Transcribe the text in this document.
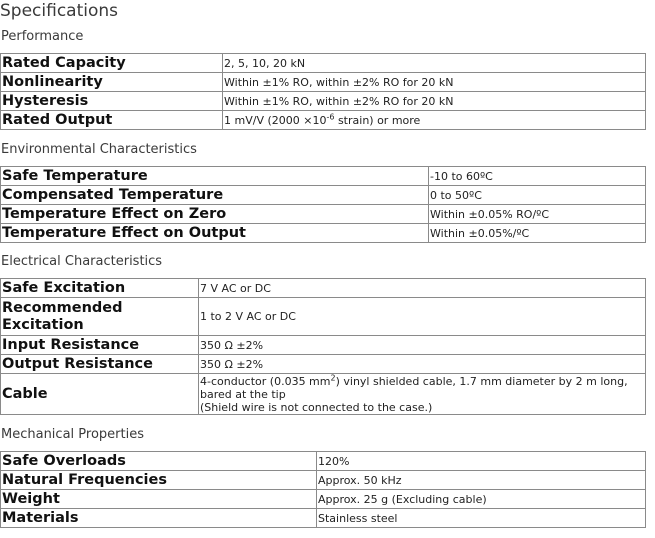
Specifications
Performance
Rated Capacity	2, 5, 10, 20 kN
Nonlinearity	Within ±1% RO, within ±2% RO for 20 kN
Hysteresis	Within ±1% RO, within ±2% RO for 20 kN
Rated Output	1 mV/V ($2000 \times 10^{-6}$ strain) or more
Environmental Characteristics
Safe Temperature	-10 to 60ºC
Compensated Temperature	0 to 50ºC
Temperature Effect on Zero	Within ±0.05% RO/ºC
Temperature Effect on Output	Within ±0.05%/ºC
Electrical Characteristics
Safe Excitation	7 V AC or DC
Recommended Excitation	1 to 2 V AC or DC
Input Resistance	350 Ω ±2%
Output Resistance	350 Ω ±2%
Cable	4-conductor (0.035 $mm^2$) vinyl shielded cable, 1.7 mm diameter by 2 m long, bared at the tip
(Shield wire is not connected to the case.)
Mechanical Properties
Safe Overloads	120%
Natural Frequencies	Approx. 50 kHz
Weight	Approx. 25 g (Excluding cable)
Materials	Stainless steel
